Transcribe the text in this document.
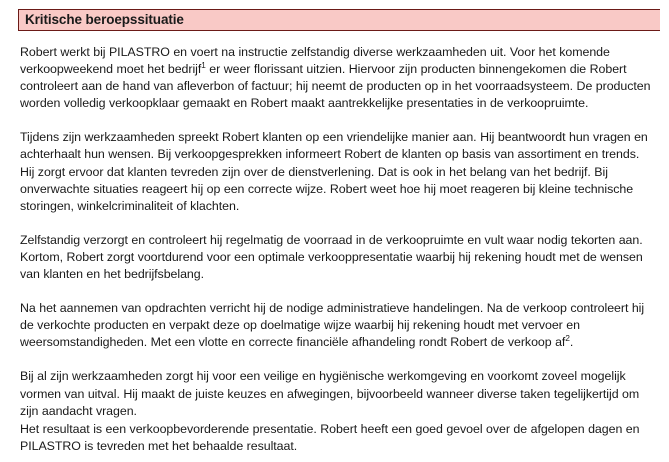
Kritische beroepssituatie

Robert werkt bij PILASTRO en voert na instructie zelfstandig diverse werkzaamheden uit. Voor het komende verkoopweekend moet het bedrijf$^1$ er weer florissant uitzien. Hiervoor zijn producten binnengekomen die Robert controleert aan de hand van afleverbon of factuur; hij neemt de producten op in het voorraadsysteem. De producten worden volledig verkoopklaar gemaakt en Robert maakt aantrekkelijke presentaties in de verkoopruimte.

Tijdens zijn werkzaamheden spreekt Robert klanten op een vriendelijke manier aan. Hij beantwoordt hun vragen en achterhaalt hun wensen. Bij verkoopgesprekken informeert Robert de klanten op basis van assortiment en trends. Hij zorgt ervoor dat klanten tevreden zijn over de dienstverlening. Dat is ook in het belang van het bedrijf. Bij onverwachte situaties reageert hij op een correcte wijze. Robert weet hoe hij moet reageren bij kleine technische storingen, winkelcriminaliteit of klachten.

Zelfstandig verzorgt en controleert hij regelmatig de voorraad in de verkoopruimte en vult waar nodig tekorten aan. Kortom, Robert zorgt voortdurend voor een optimale verkooppresentatie waarbij hij rekening houdt met de wensen van klanten en het bedrijfsbelang.

Na het aannemen van opdrachten verricht hij de nodige administratieve handelingen. Na de verkoop controleert hij de verkochte producten en verpakt deze op doelmatige wijze waarbij hij rekening houdt met vervoer en weersomstandigheden. Met een vlotte en correcte financiële afhandeling rondt Robert de verkoop $af^2$.

Bij al zijn werkzaamheden zorgt hij voor een veilige en hygiënische werkomgeving en voorkomt zoveel mogelijk vormen van uitval. Hij maakt de juiste keuzes en afwegingen, bijvoorbeeld wanneer diverse taken tegelijkertijd om zijn aandacht vragen.

Het resultaat is een verkoopbevorderende presentatie. Robert heeft een goed gevoel over de afgelopen dagen en PILASTRO is tevreden met het behaalde resultaat.
